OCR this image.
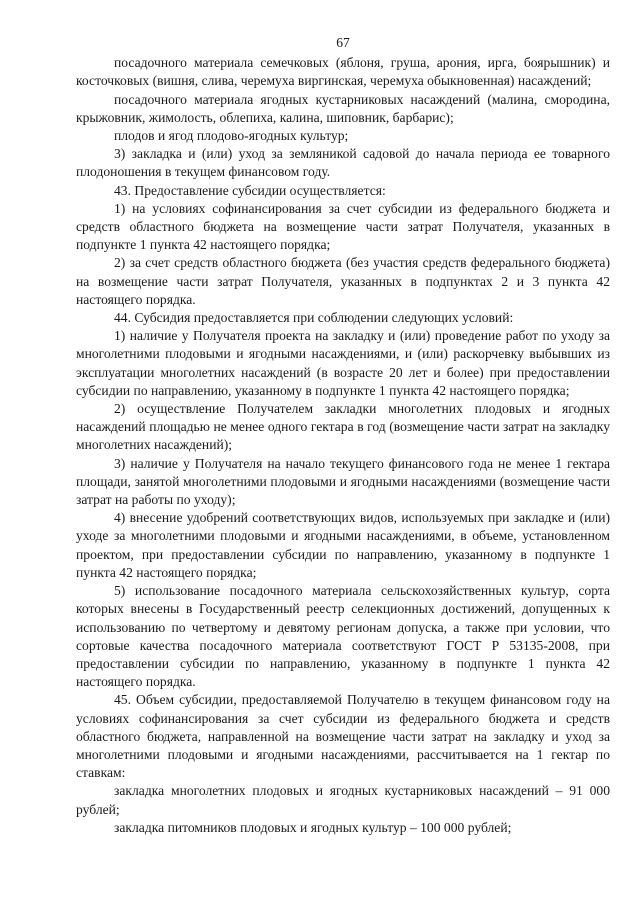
67

посадочного материала семечковых (яблоня, груша, арония, ирга, боярышник) и косточковых (вишня, слива, черемуха виргинская, черемуха обыкновенная) насаждений;

посадочного материала ягодных кустарниковых насаждений (малина, смородина, крыжовник, жимолость, облепиха, калина, шиповник, барбарис);

плодов и ягод плодово-ягодных культур;

3) закладка и (или) уход за земляникой садовой до начала периода ее товарного плодоношения в текущем финансовом году.

43. Предоставление субсидии осуществляется:

1) на условиях софинансирования за счет субсидии из федерального бюджета и средств областного бюджета на возмещение части затрат Получателя, указанных в подпункте 1 пункта 42 настоящего порядка;

2) за счет средств областного бюджета (без участия средств федерального бюджета) на возмещение части затрат Получателя, указанных в подпунктах 2 и 3 пункта 42 настоящего порядка.

44. Субсидия предоставляется при соблюдении следующих условий:

1) наличие у Получателя проекта на закладку и (или) проведение работ по уходу за многолетними плодовыми и ягодными насаждениями, и (или) раскорчевку выбывших из эксплуатации многолетних насаждений (в возрасте 20 лет и более) при предоставлении субсидии по направлению, указанному в подпункте 1 пункта 42 настоящего порядка;

2) осуществление Получателем закладки многолетних плодовых и ягодных насаждений площадью не менее одного гектара в год (возмещение части затрат на закладку многолетних насаждений);

3) наличие у Получателя на начало текущего финансового года не менее 1 гектара площади, занятой многолетними плодовыми и ягодными насаждениями (возмещение части затрат на работы по уходу);

4) внесение удобрений соответствующих видов, используемых при закладке и (или) уходе за многолетними плодовыми и ягодными насаждениями, в объеме, установленном проектом, при предоставлении субсидии по направлению, указанному в подпункте 1 пункта 42 настоящего порядка;

5) использование посадочного материала сельскохозяйственных культур, сорта которых внесены в Государственный реестр селекционных достижений, допущенных к использованию по четвертому и девятому регионам допуска, а также при условии, что сортовые качества посадочного материала соответствуют ГОСТ Р 53135-2008, при предоставлении субсидии по направлению, указанному в подпункте 1 пункта 42 настоящего порядка.

45. Объем субсидии, предоставляемой Получателю в текущем финансовом году на условиях софинансирования за счет субсидии из федерального бюджета и средств областного бюджета, направленной на возмещение части затрат на закладку и уход за многолетними плодовыми и ягодными насаждениями, рассчитывается на 1 гектар по ставкам:

закладка многолетних плодовых и ягодных кустарниковых насаждений – 91 000 рублей;

закладка питомников плодовых и ягодных культур – 100 000 рублей;
